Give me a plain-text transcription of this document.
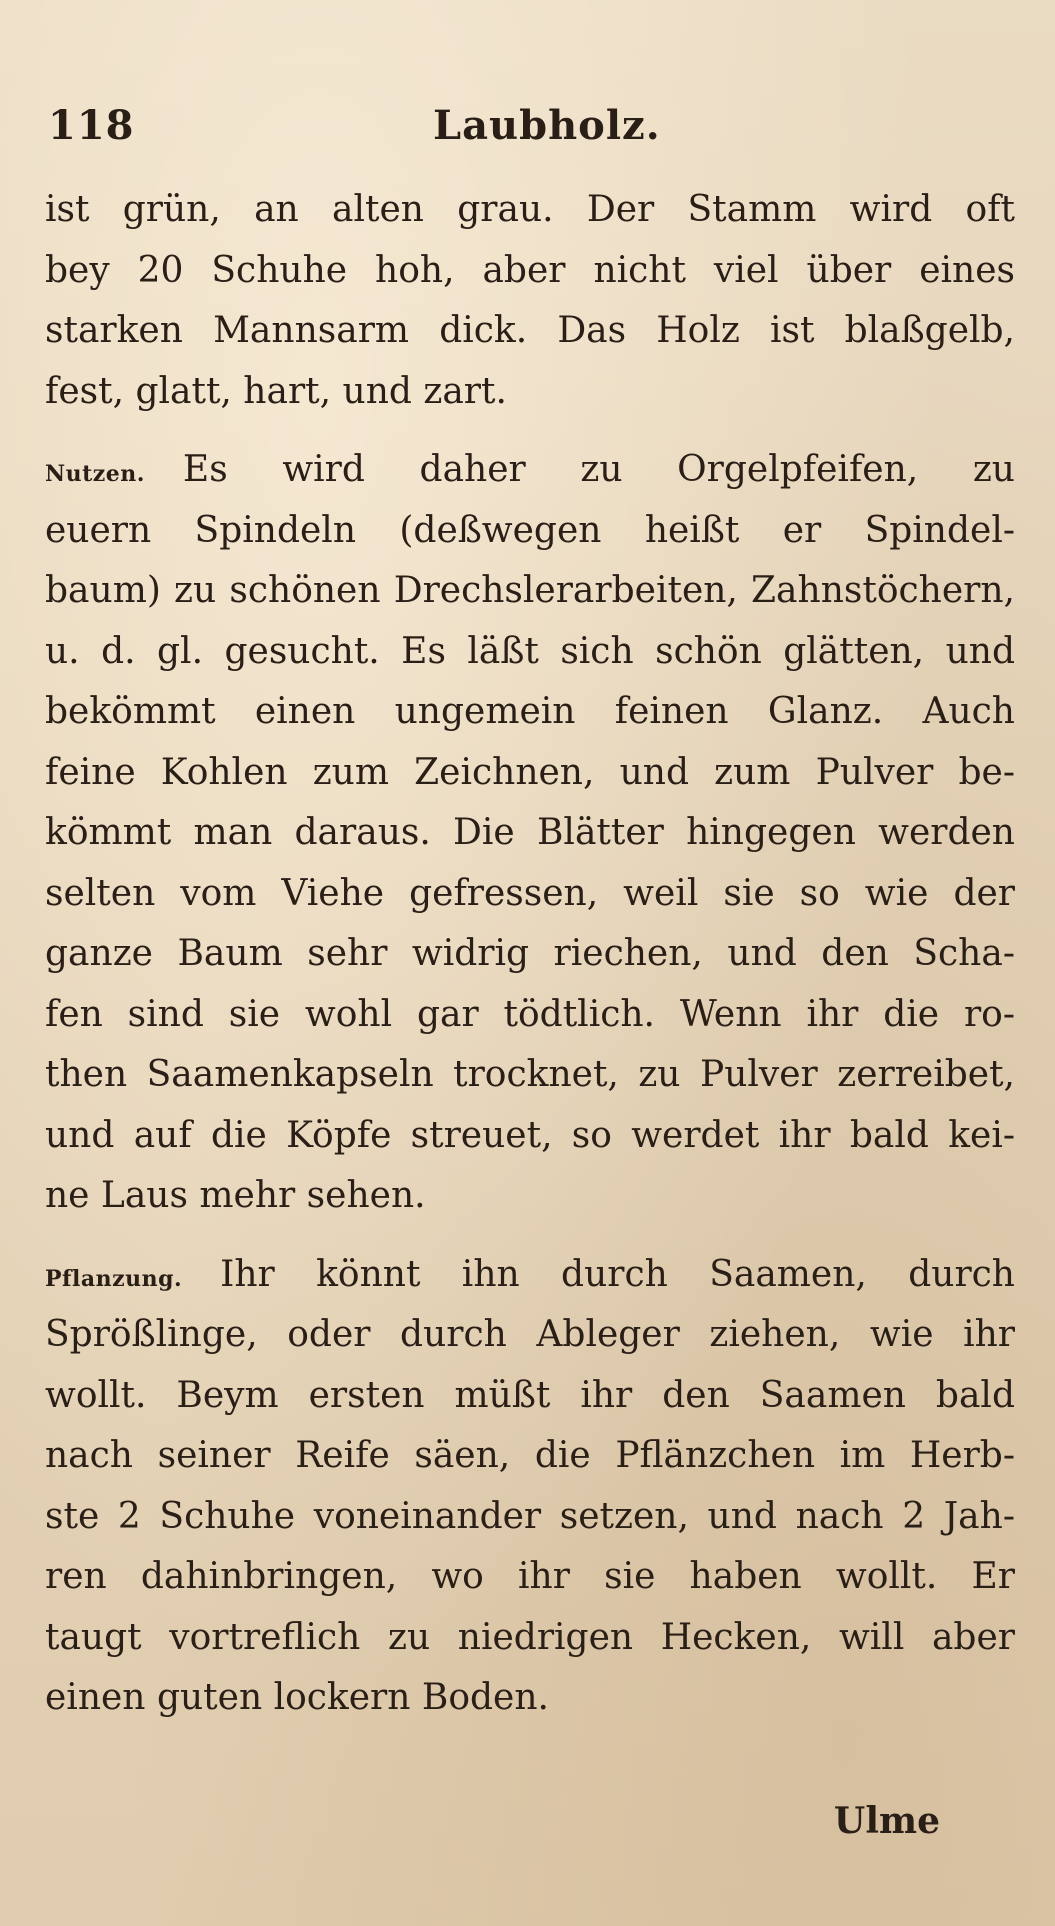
118	Laubholz.
ist grün, an alten grau. Der Stamm wird oft
bey 20 Schuhe hoh, aber nicht viel über eines
starken Mannsarm dick. Das Holz ist blaßgelb,
fest, glatt, hart, und zart.
Nutzen. Es wird daher zu Orgelpfeifen, zu
euern Spindeln (deßwegen heißt er Spindel-
baum) zu schönen Drechslerarbeiten, Zahnstöchern,
u. d. gl. gesucht. Es läßt sich schön glätten, und
bekömmt einen ungemein feinen Glanz. Auch
feine Kohlen zum Zeichnen, und zum Pulver be-
kömmt man daraus. Die Blätter hingegen werden
selten vom Viehe gefressen, weil sie so wie der
ganze Baum sehr widrig riechen, und den Scha-
fen sind sie wohl gar tödtlich. Wenn ihr die ro-
then Saamenkapseln trocknet, zu Pulver zerreibet,
und auf die Köpfe streuet, so werdet ihr bald kei-
ne Laus mehr sehen.
Pflanzung. Ihr könnt ihn durch Saamen, durch
Sprößlinge, oder durch Ableger ziehen, wie ihr
wollt. Beym ersten müßt ihr den Saamen bald
nach seiner Reife säen, die Pflänzchen im Herb-
ste 2 Schuhe voneinander setzen, und nach 2 Jah-
ren dahinbringen, wo ihr sie haben wollt. Er
taugt vortreflich zu niedrigen Hecken, will aber
einen guten lockern Boden.
Ulme
